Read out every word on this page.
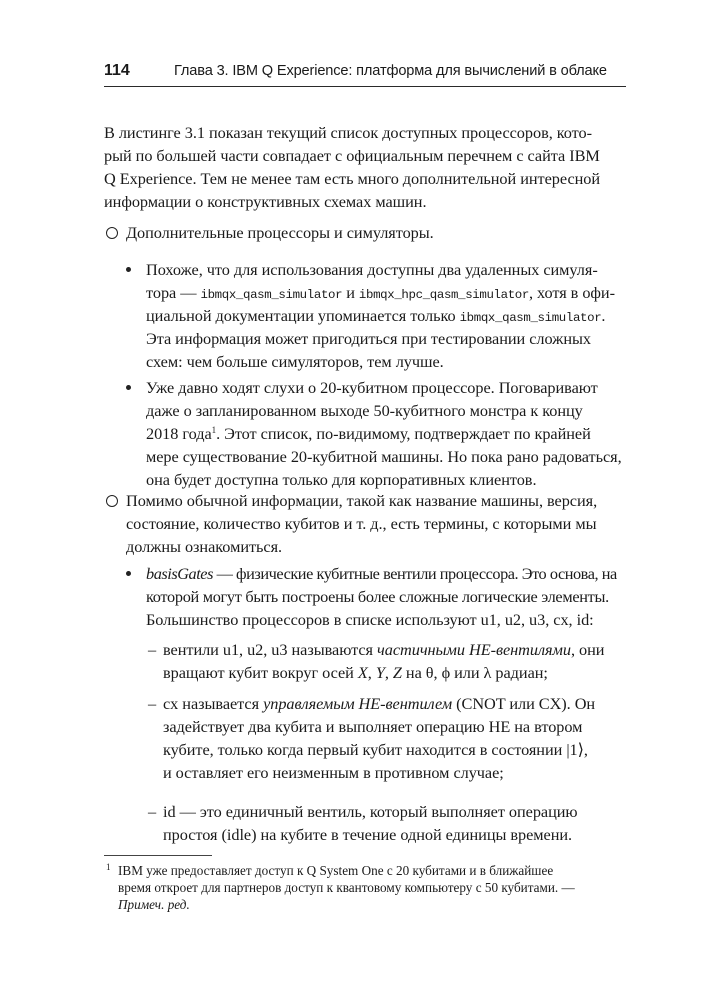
114	Глава 3. IBM Q Experience: платформа для вычислений в облаке
В листинге 3.1 показан текущий список доступных процессоров, кото-
рый по большей части совпадает с официальным перечнем с сайта IBM
Q Experience. Тем не менее там есть много дополнительной интересной
информации о конструктивных схемах машин.
Дополнительные процессоры и симуляторы.
Похоже, что для использования доступны два удаленных симуля-
тора — ibmqx_qasm_simulator и ibmqx_hpc_qasm_simulator, хотя в офи-
циальной документации упоминается только ibmqx_qasm_simulator.
Эта информация может пригодиться при тестировании сложных
схем: чем больше симуляторов, тем лучше.
Уже давно ходят слухи о 20-кубитном процессоре. Поговаривают
даже о запланированном выходе 50-кубитного монстра к концу
2018 года$^1$. Этот список, по-видимому, подтверждает по крайней
мере существование 20-кубитной машины. Но пока рано радоваться,
она будет доступна только для корпоративных клиентов.
Помимо обычной информации, такой как название машины, версия,
состояние, количество кубитов и т. д., есть термины, с которыми мы
должны ознакомиться.
basisGates — физические кубитные вентили процессора. Это основа, на
которой могут быть построены более сложные логические элементы.
Большинство процессоров в списке используют u1, u2, u3, cx, id:
– вентили u1, u2, u3 называются частичными НЕ-вентилями, они
вращают кубит вокруг осей X, Y, Z на θ, ϕ или λ радиан;
– cx называется управляемым НЕ-вентилем (CNOT или CX). Он
задействует два кубита и выполняет операцию НЕ на втором
кубите, только когда первый кубит находится в состоянии |1⟩,
и оставляет его неизменным в противном случае;
– id — это единичный вентиль, который выполняет операцию
простоя (idle) на кубите в течение одной единицы времени.
1 IBM уже предоставляет доступ к Q System One с 20 кубитами и в ближайшее
время откроет для партнеров доступ к квантовому компьютеру с 50 кубитами. —
Примеч. ред.
